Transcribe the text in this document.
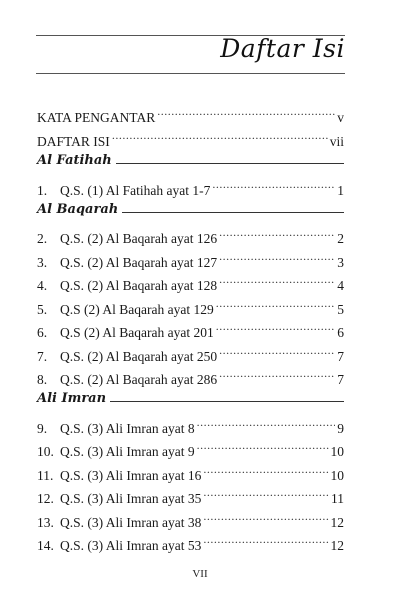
Daftar Isi
KATA PENGANTAR .....	v
DAFTAR ISI .....	vii
Al Fatihah
1. Q.S. (1) Al Fatihah ayat 1-7 .....	1
Al Baqarah
2. Q.S. (2) Al Baqarah ayat 126 .....	2
3. Q.S. (2) Al Baqarah ayat 127 .....	3
4. Q.S. (2) Al Baqarah ayat 128 .....	4
5. Q.S (2) Al Baqarah ayat 129 .....	5
6. Q.S (2) Al Baqarah ayat 201 .....	6
7. Q.S. (2) Al Baqarah ayat 250 .....	7
8. Q.S. (2) Al Baqarah ayat 286 .....	7
Ali Imran
9. Q.S. (3) Ali Imran ayat 8 .....	9
10. Q.S. (3) Ali Imran ayat 9 .....	10
11. Q.S. (3) Ali Imran ayat 16 .....	10
12. Q.S. (3) Ali Imran ayat 35 .....	11
13. Q.S. (3) Ali Imran ayat 38 .....	12
14. Q.S. (3) Ali Imran ayat 53 .....	12
VII
